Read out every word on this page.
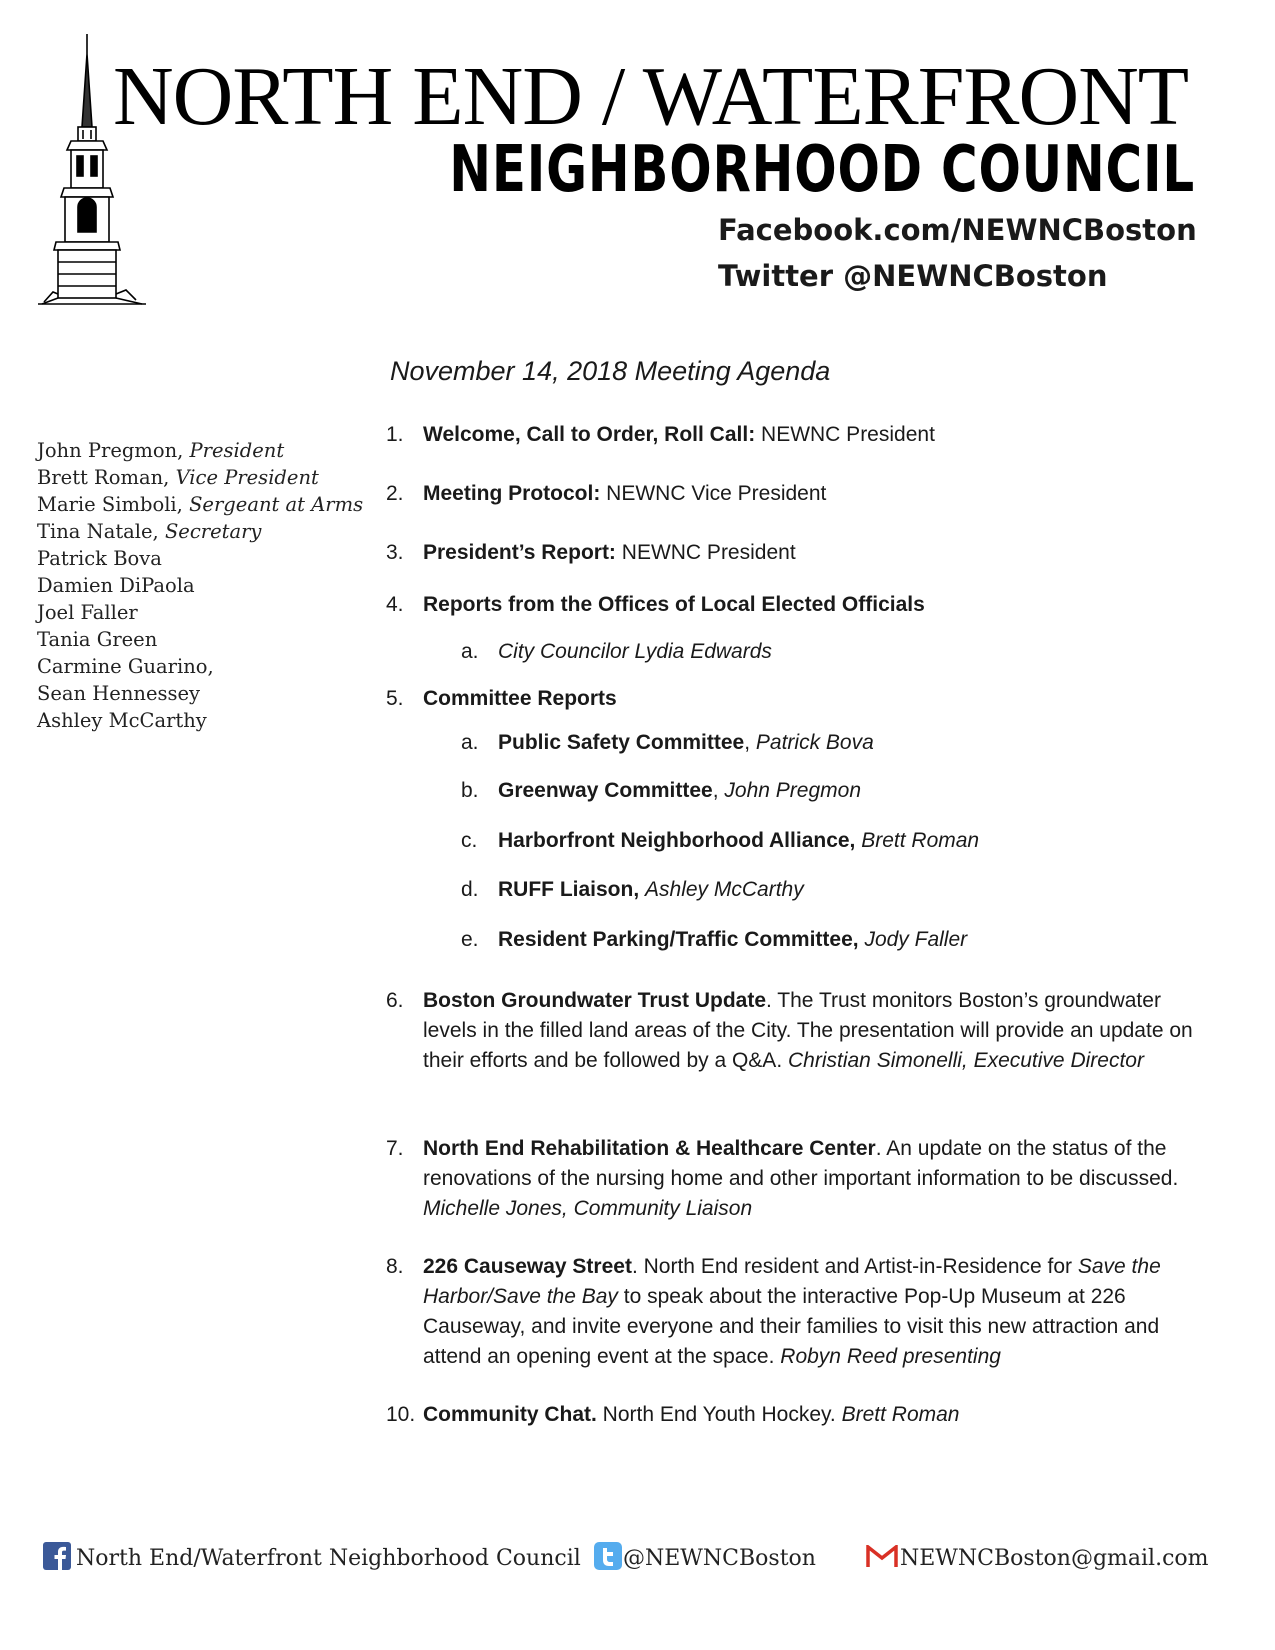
NORTH END / WATERFRONT
NEIGHBORHOOD COUNCIL
Facebook.com/NEWNCBoston
Twitter @NEWNCBoston
November 14, 2018 Meeting Agenda
John Pregmon, President
Brett Roman, Vice President
Marie Simboli, Sergeant at Arms
Tina Natale, Secretary
Patrick Bova
Damien DiPaola
Joel Faller
Tania Green
Carmine Guarino,
Sean Hennessey
Ashley McCarthy
1. Welcome, Call to Order, Roll Call: NEWNC President
2. Meeting Protocol: NEWNC Vice President
3. President’s Report: NEWNC President
4. Reports from the Offices of Local Elected Officials
a. City Councilor Lydia Edwards
5. Committee Reports
a. Public Safety Committee, Patrick Bova
b. Greenway Committee, John Pregmon
c. Harborfront Neighborhood Alliance, Brett Roman
d. RUFF Liaison, Ashley McCarthy
e. Resident Parking/Traffic Committee, Jody Faller
6. Boston Groundwater Trust Update. The Trust monitors Boston’s groundwater levels in the filled land areas of the City. The presentation will provide an update on their efforts and be followed by a Q&A. Christian Simonelli, Executive Director
7. North End Rehabilitation & Healthcare Center. An update on the status of the renovations of the nursing home and other important information to be discussed. Michelle Jones, Community Liaison
8. 226 Causeway Street. North End resident and Artist-in-Residence for Save the Harbor/Save the Bay to speak about the interactive Pop-Up Museum at 226 Causeway, and invite everyone and their families to visit this new attraction and attend an opening event at the space. Robyn Reed presenting
10. Community Chat. North End Youth Hockey. Brett Roman
North End/Waterfront Neighborhood Council @NEWNCBoston	NEWNCBoston@gmail.com
